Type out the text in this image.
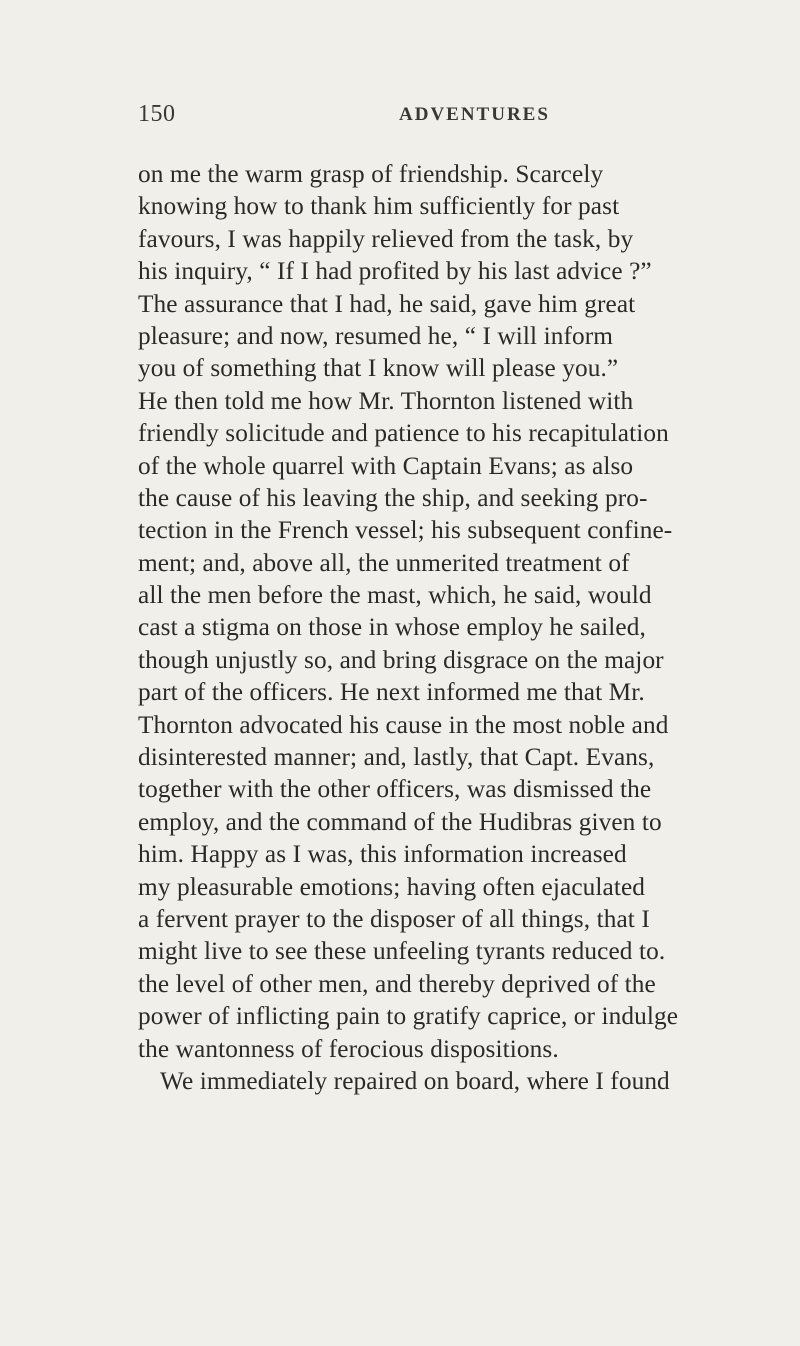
150	ADVENTURES
on me the warm grasp of friendship. Scarcely
knowing how to thank him sufficiently for past
favours, I was happily relieved from the task, by
his inquiry, “ If I had profited by his last advice ?”
The assurance that I had, he said, gave him great
pleasure; and now, resumed he, “ I will inform
you of something that I know will please you.”
He then told me how Mr. Thornton listened with
friendly solicitude and patience to his recapitulation
of the whole quarrel with Captain Evans; as also
the cause of his leaving the ship, and seeking pro-
tection in the French vessel; his subsequent confine-
ment; and, above all, the unmerited treatment of
all the men before the mast, which, he said, would
cast a stigma on those in whose employ he sailed,
though unjustly so, and bring disgrace on the major
part of the officers. He next informed me that Mr.
Thornton advocated his cause in the most noble and
disinterested manner; and, lastly, that Capt. Evans,
together with the other officers, was dismissed the
employ, and the command of the Hudibras given to
him. Happy as I was, this information increased
my pleasurable emotions; having often ejaculated
a fervent prayer to the disposer of all things, that I
might live to see these unfeeling tyrants reduced to.
the level of other men, and thereby deprived of the
power of inflicting pain to gratify caprice, or indulge
the wantonness of ferocious dispositions.
We immediately repaired on board, where I found
